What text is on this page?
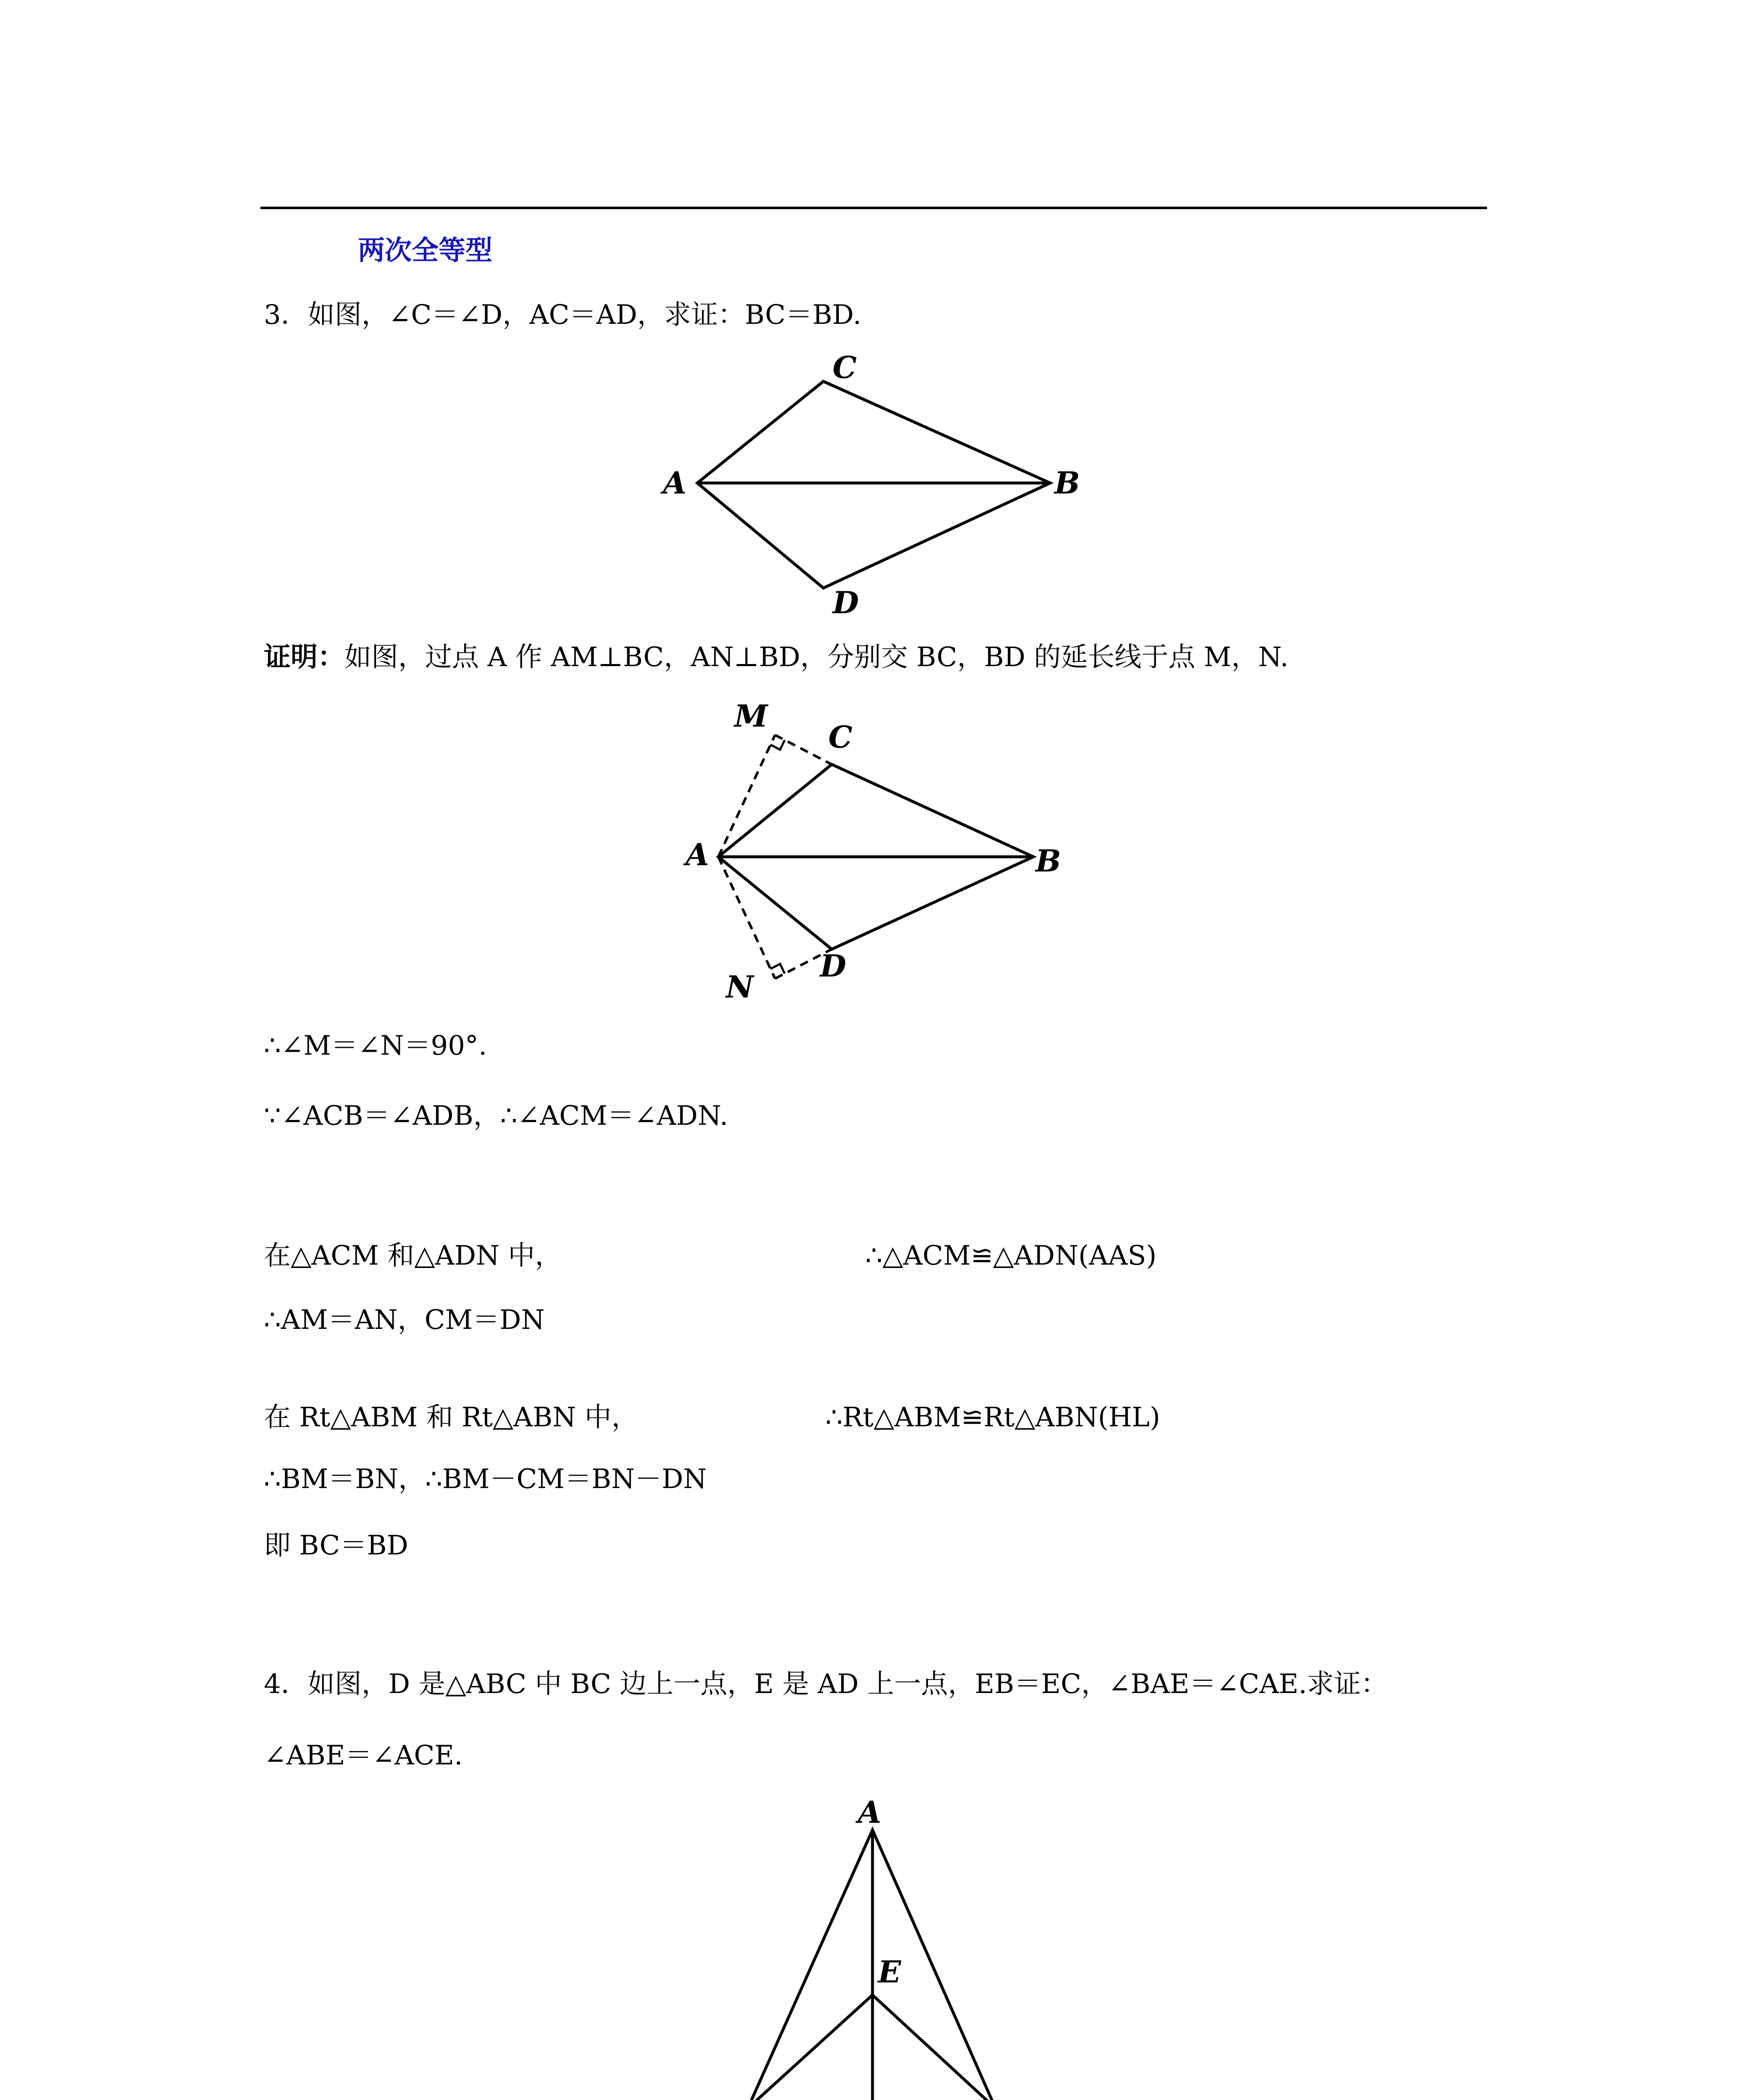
两次全等型
3．如图，∠C＝∠D，AC＝AD，求证：BC＝BD.
A
C
B
D
证明：如图，过点 A 作 AM⊥BC，AN⊥BD，分别交 BC，BD 的延长线于点 M，N.
M
C
A	B
D
N
∴∠M＝∠N＝90°.
∵∠ACB＝∠ADB，∴∠ACM＝∠ADN.
在△ACM 和△ADN 中，	∴△ACM≌△ADN(AAS)
∴AM＝AN，CM＝DN
在 Rt△ABM 和 Rt△ABN 中，	∴Rt△ABM≌Rt△ABN(HL)
∴BM＝BN，∴BM－CM＝BN－DN
即 BC＝BD
4．如图，D 是△ABC 中 BC 边上一点，E 是 AD 上一点，EB＝EC，∠BAE＝∠CAE.求证：
∠ABE＝∠ACE.
A
E
